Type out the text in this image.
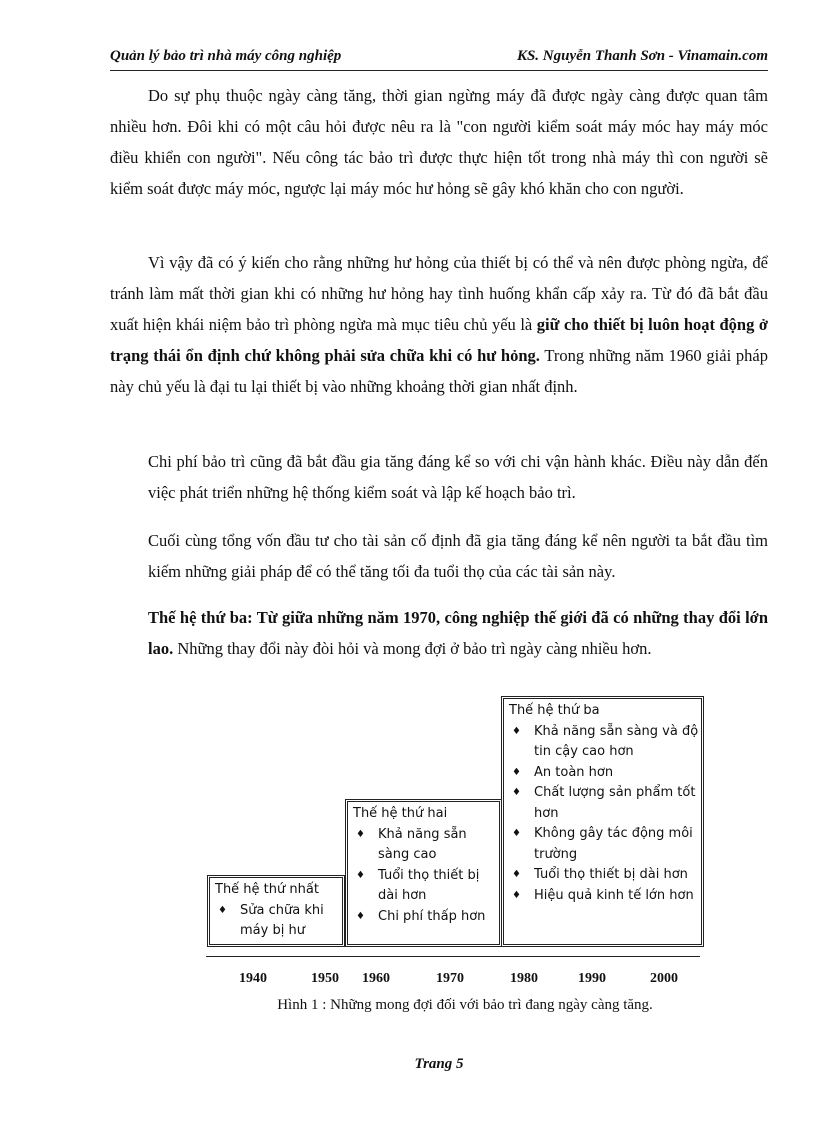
Quản lý bảo trì nhà máy công nghiệp	KS. Nguyễn Thanh Sơn - Vinamain.com

Do sự phụ thuộc ngày càng tăng, thời gian ngừng máy đã được ngày càng được quan tâm nhiều hơn. Đôi khi có một câu hỏi được nêu ra là "con người kiểm soát máy móc hay máy móc điều khiển con người". Nếu công tác bảo trì được thực hiện tốt trong nhà máy thì con người sẽ kiểm soát được máy móc, ngược lại máy móc hư hỏng sẽ gây khó khăn cho con người.

Vì vậy đã có ý kiến cho rằng những hư hỏng của thiết bị có thể và nên được phòng ngừa, để tránh làm mất thời gian khi có những hư hỏng hay tình huống khẩn cấp xảy ra. Từ đó đã bắt đầu xuất hiện khái niệm bảo trì phòng ngừa mà mục tiêu chủ yếu là giữ cho thiết bị luôn hoạt động ở trạng thái ổn định chứ không phải sửa chữa khi có hư hỏng. Trong những năm 1960 giải pháp này chủ yếu là đại tu lại thiết bị vào những khoảng thời gian nhất định.

Chi phí bảo trì cũng đã bắt đầu gia tăng đáng kể so với chi vận hành khác. Điều này dẫn đến việc phát triển những hệ thống kiểm soát và lập kế hoạch bảo trì.

Cuối cùng tổng vốn đầu tư cho tài sản cố định đã gia tăng đáng kể nên người ta bắt đầu tìm kiếm những giải pháp để có thể tăng tối đa tuổi thọ của các tài sản này.

Thế hệ thứ ba: Từ giữa những năm 1970, công nghiệp thế giới đã có những thay đổi lớn lao. Những thay đổi này đòi hỏi và mong đợi ở bảo trì ngày càng nhiều hơn.

Thế hệ thứ nhất
♦ Sửa chữa khi máy bị hư
Thế hệ thứ hai
♦ Khả năng sẵn sàng cao
♦ Tuổi thọ thiết bị dài hơn
♦ Chi phí thấp hơn
Thế hệ thứ ba
♦ Khả năng sẵn sàng và độ tin cậy cao hơn
♦ An toàn hơn
♦ Chất lượng sản phẩm tốt hơn
♦ Không gây tác động môi trường
♦ Tuổi thọ thiết bị dài hơn
♦ Hiệu quả kinh tế lớn hơn
1940	1950 1960	1970	1980	1990	2000
Hình 1 : Những mong đợi đối với bảo trì đang ngày càng tăng.
Trang 5
